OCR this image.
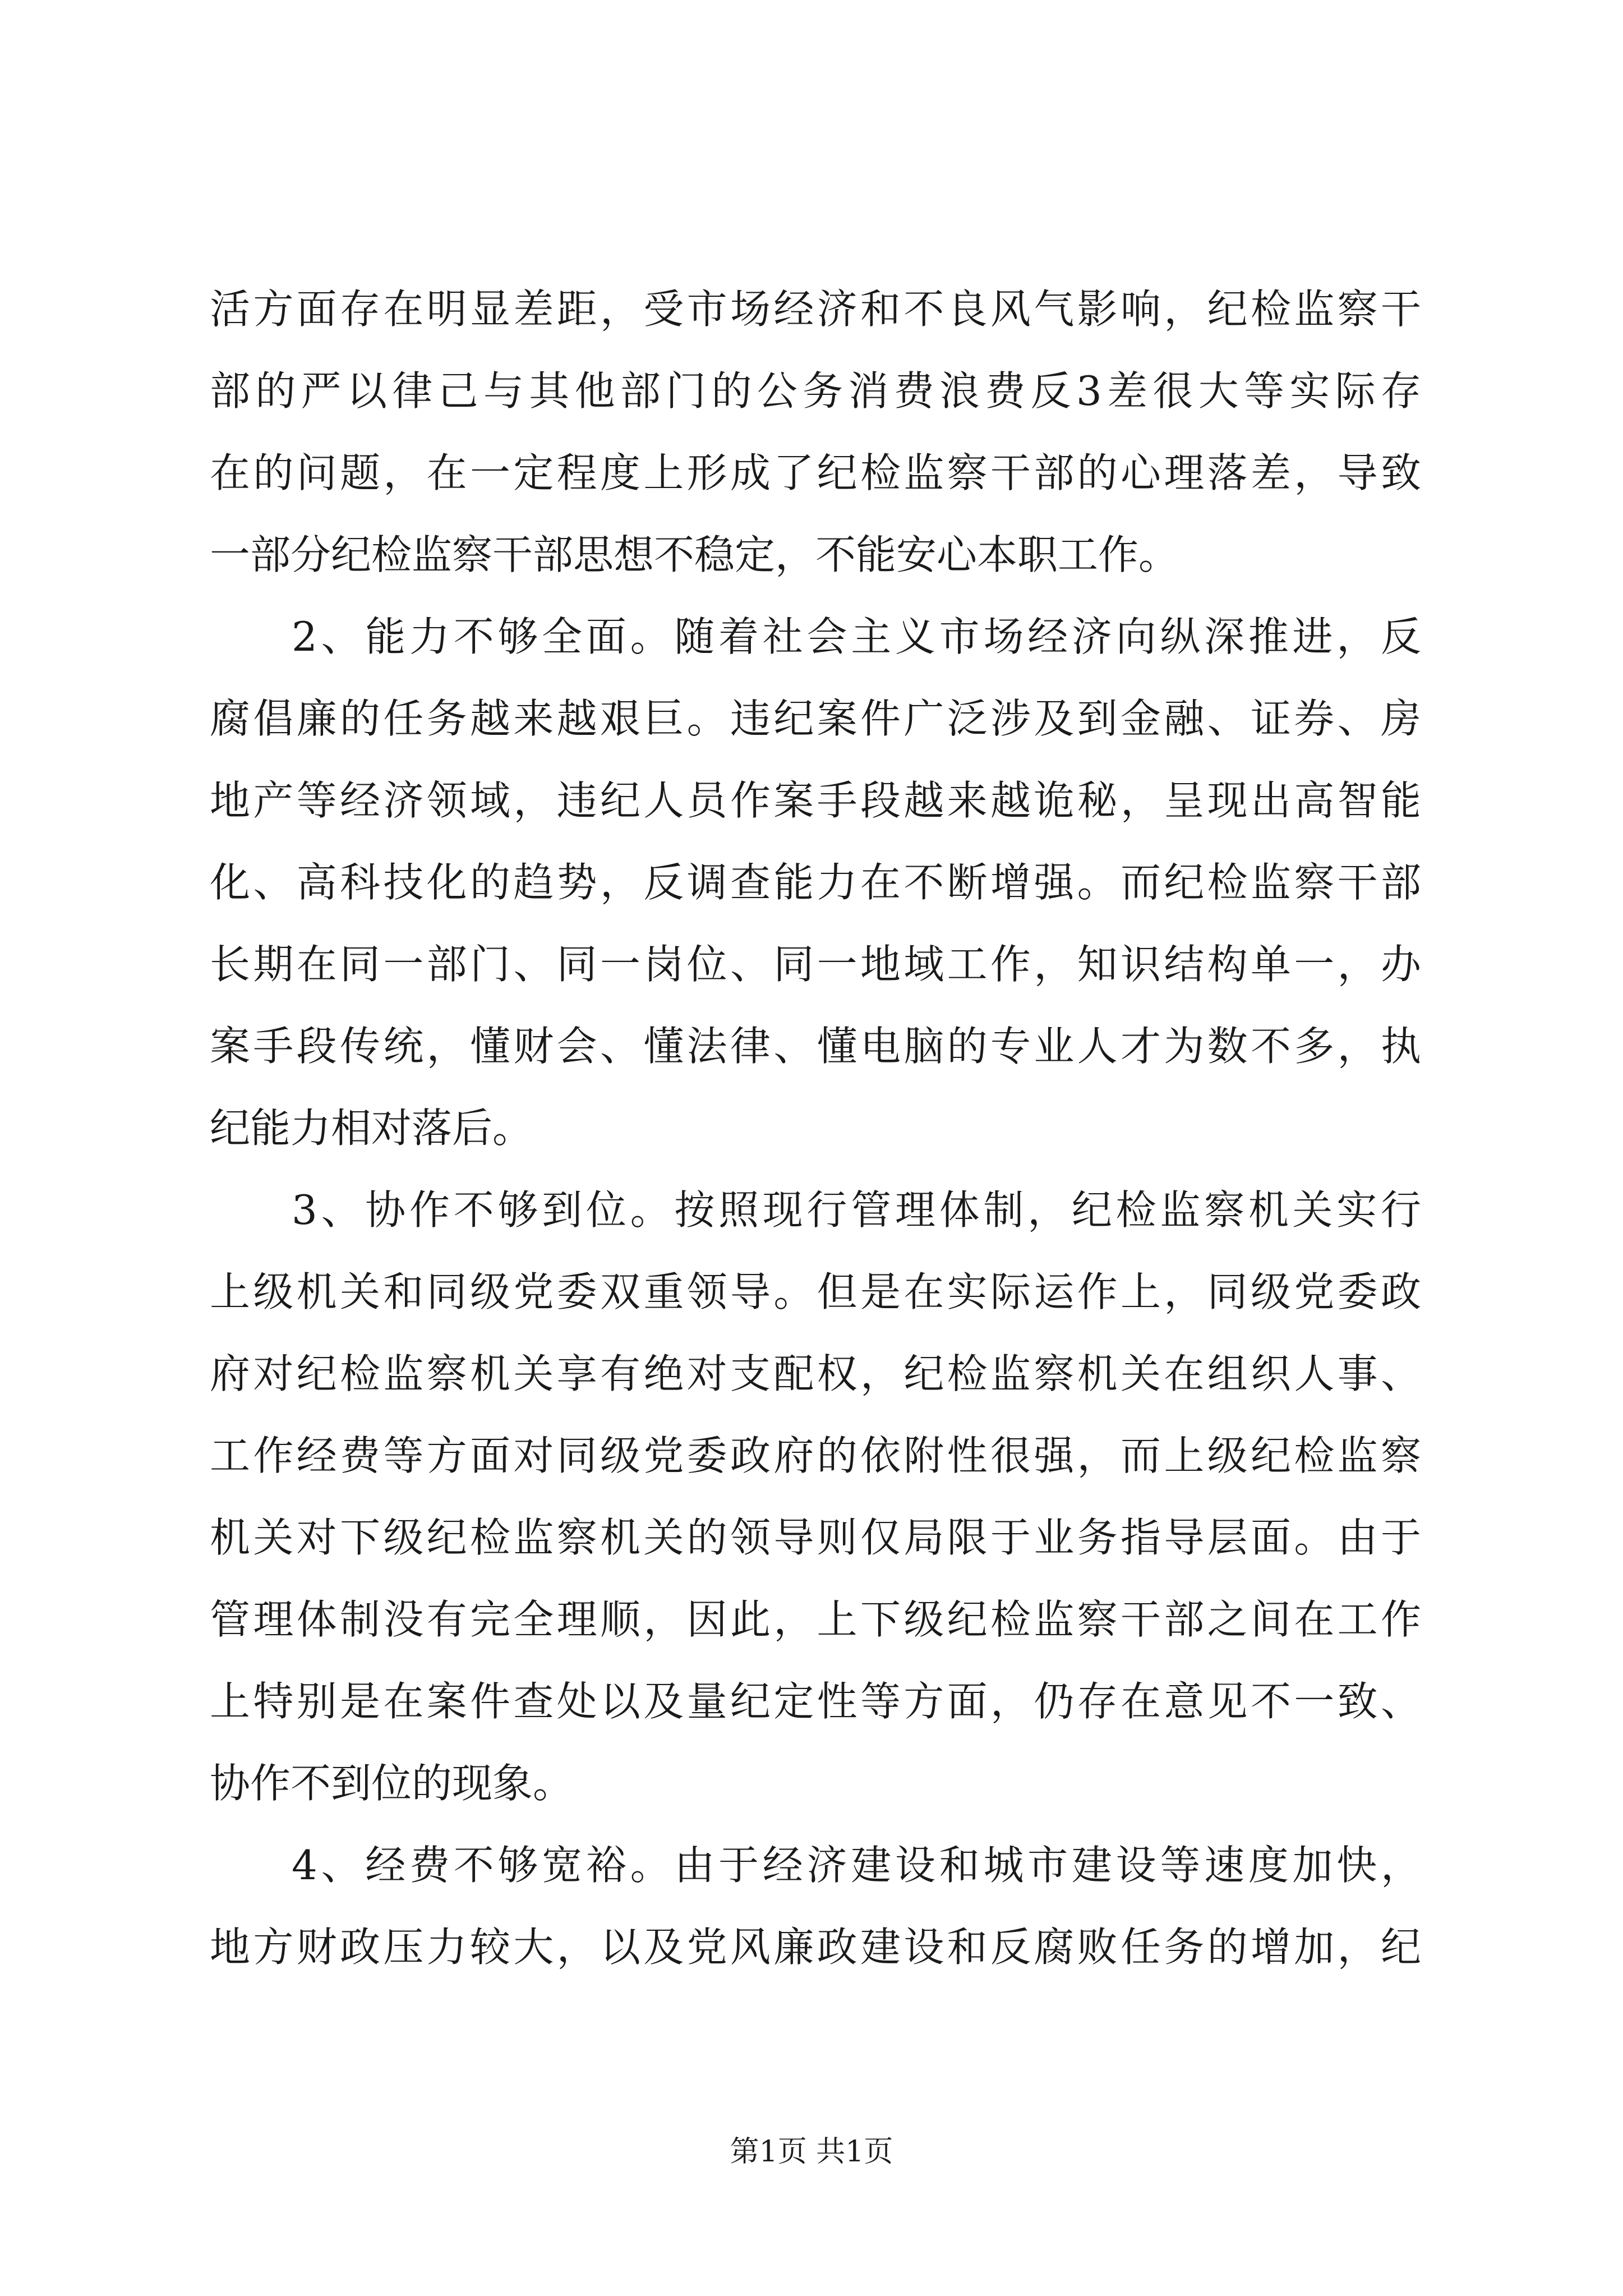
活方面存在明显差距，受市场经济和不良风气影响，纪检监察干
部的严以律己与其他部门的公务消费浪费反3差很大等实际存
在的问题，在一定程度上形成了纪检监察干部的心理落差，导致
一部分纪检监察干部思想不稳定，不能安心本职工作。
2、能力不够全面。随着社会主义市场经济向纵深推进，反
腐倡廉的任务越来越艰巨。违纪案件广泛涉及到金融、证券、房
地产等经济领域，违纪人员作案手段越来越诡秘，呈现出高智能
化、高科技化的趋势，反调查能力在不断增强。而纪检监察干部
长期在同一部门、同一岗位、同一地域工作，知识结构单一，办
案手段传统，懂财会、懂法律、懂电脑的专业人才为数不多，执
纪能力相对落后。
3、协作不够到位。按照现行管理体制，纪检监察机关实行
上级机关和同级党委双重领导。但是在实际运作上，同级党委政
府对纪检监察机关享有绝对支配权，纪检监察机关在组织人事、
工作经费等方面对同级党委政府的依附性很强，而上级纪检监察
机关对下级纪检监察机关的领导则仅局限于业务指导层面。由于
管理体制没有完全理顺，因此，上下级纪检监察干部之间在工作
上特别是在案件查处以及量纪定性等方面，仍存在意见不一致、
协作不到位的现象。
4、经费不够宽裕。由于经济建设和城市建设等速度加快，
地方财政压力较大，以及党风廉政建设和反腐败任务的增加，纪
第1页 共1页
